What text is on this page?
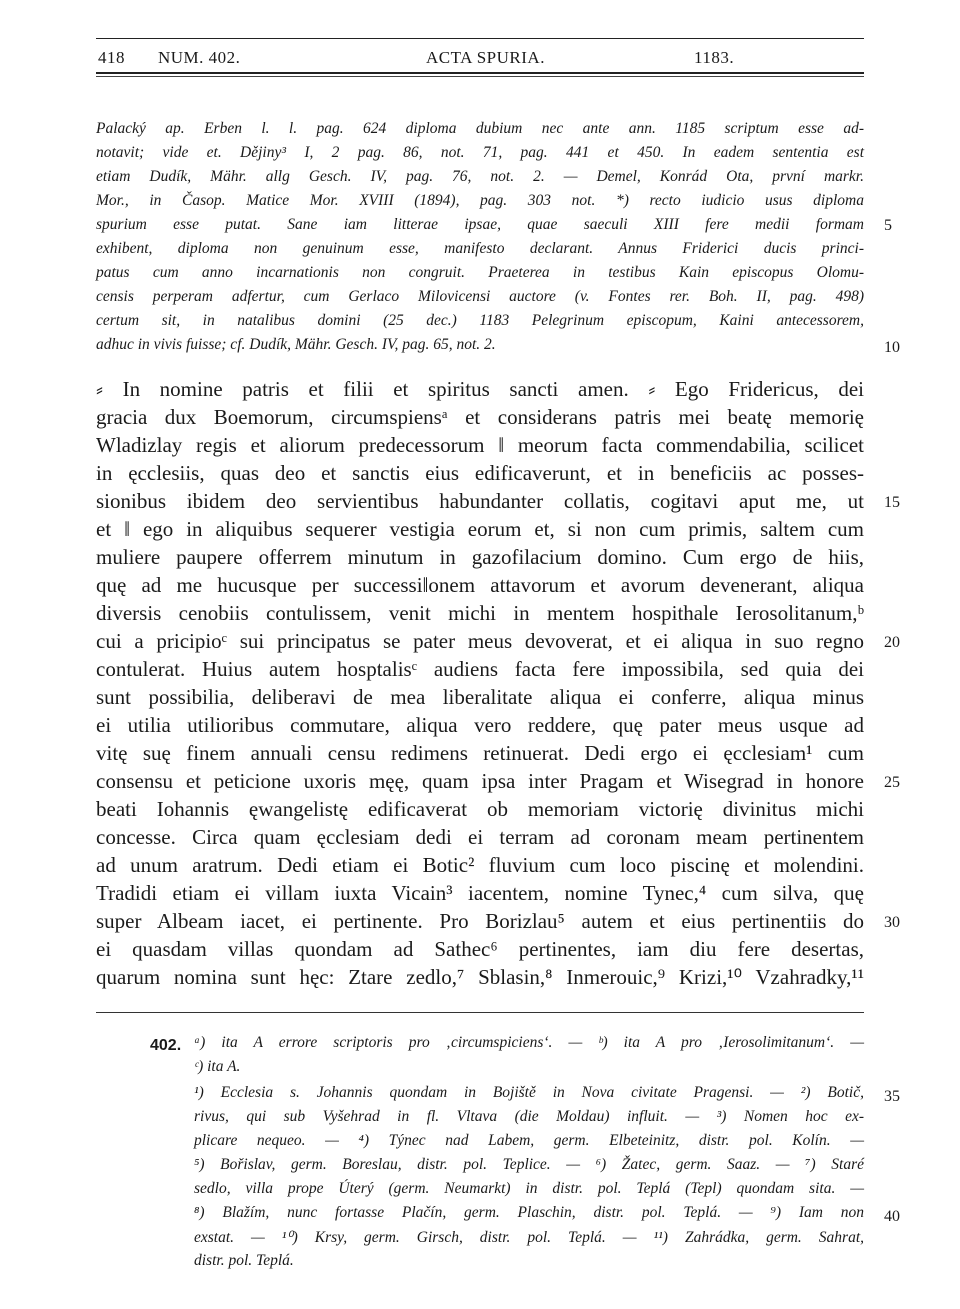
418 NUM. 402.	ACTA SPURIA.	1183.
Palacký ap. Erben l. l. pag. 624 diploma dubium nec ante ann. 1185 scriptum esse ad-
notavit; vide et. Dějiny³ I, 2 pag. 86, not. 71, pag. 441 et 450. In eadem sententia est
etiam Dudík, Mähr. allg Gesch. IV, pag. 76, not. 2. — Demel, Konrád Ota, první markr.
Mor., in Časop. Matice Mor. XVIII (1894), pag. 303 not. *) recto iudicio usus diploma
spurium esse putat. Sane iam litterae ipsae, quae saeculi XIII fere medii formam
exhibent, diploma non genuinum esse, manifesto declarant. Annus Friderici ducis princi-
patus cum anno incarnationis non congruit. Praeterea in testibus Kain episcopus Olomu-
censis perperam adfertur, cum Gerlaco Milovicensi auctore (v. Fontes rer. Boh. II, pag. 498)
certum sit, in natalibus domini (25 dec.) 1183 Pelegrinum episcopum, Kaini antecessorem,
adhuc in vivis fuisse; cf. Dudík, Mähr. Gesch. IV, pag. 65, not. 2.
⸗ In nomine patris et filii et spiritus sancti amen. ⸗ Ego Fridericus, dei
gracia dux Boemorum, circumspiensᵃ et considerans patris mei beatę memorię
Wladizlay regis et aliorum predecessorum ‖ meorum facta commendabilia, scilicet
in ęcclesiis, quas deo et sanctis eius edificaverunt, et in beneficiis ac posses-
sionibus ibidem deo servientibus habundanter collatis, cogitavi aput me, ut
et ‖ ego in aliquibus sequerer vestigia eorum et, si non cum primis, saltem cum
muliere paupere offerrem minutum in gazofilacium domino. Cum ergo de hiis,
quę ad me hucusque per successi‖onem attavorum et avorum devenerant, aliqua
diversis cenobiis contulissem, venit michi in mentem hospithale Ierosolitanum,ᵇ
cui a pricipioᶜ sui principatus se pater meus devoverat, et ei aliqua in suo regno
contulerat. Huius autem hosptalisᶜ audiens facta fere impossibila, sed quia dei
sunt possibilia, deliberavi de mea liberalitate aliqua ei conferre, aliqua minus
ei utilia utilioribus commutare, aliqua vero reddere, quę pater meus usque ad
vitę suę finem annuali censu redimens retinuerat. Dedi ergo ei ęcclesiam¹ cum
consensu et peticione uxoris męę, quam ipsa inter Pragam et Wisegrad in honore
beati Iohannis ęwangelistę edificaverat ob memoriam victorię divinitus michi
concesse. Circa quam ęcclesiam dedi ei terram ad coronam meam pertinentem
ad unum aratrum. Dedi etiam ei Botic² fluvium cum loco piscinę et molendini.
Tradidi etiam ei villam iuxta Vicain³ iacentem, nomine Tynec,⁴ cum silva, quę
super Albeam iacet, ei pertinente. Pro Borizlau⁵ autem et eius pertinentiis do
ei quasdam villas quondam ad Sathec⁶ pertinentes, iam diu fere desertas,
quarum nomina sunt hęc: Ztare zedlo,⁷ Sblasin,⁸ Inmerouic,⁹ Krizi,¹⁰ Vzahradky,¹¹
5
10
15
20
25
30
35
40
402. ᵃ) ita A errore scriptoris pro ‚circumspiciens‘. — ᵇ) ita A pro ‚Ierosolimitanum‘. —
ᶜ) ita A.
¹) Ecclesia s. Johannis quondam in Bojiště in Nova civitate Pragensi. — ²) Botič,
rivus, qui sub Vyšehrad in fl. Vltava (die Moldau) influit. — ³) Nomen hoc ex-
plicare nequeo. — ⁴) Týnec nad Labem, germ. Elbeteinitz, distr. pol. Kolín. —
⁵) Bořislav, germ. Boreslau, distr. pol. Teplice. — ⁶) Žatec, germ. Saaz. — ⁷) Staré
sedlo, villa prope Úterý (germ. Neumarkt) in distr. pol. Teplá (Tepl) quondam sita. —
⁸) Blažím, nunc fortasse Plačín, germ. Plaschin, distr. pol. Teplá. — ⁹) Iam non
exstat. — ¹⁰) Krsy, germ. Girsch, distr. pol. Teplá. — ¹¹) Zahrádka, germ. Sahrat,
distr. pol. Teplá.
